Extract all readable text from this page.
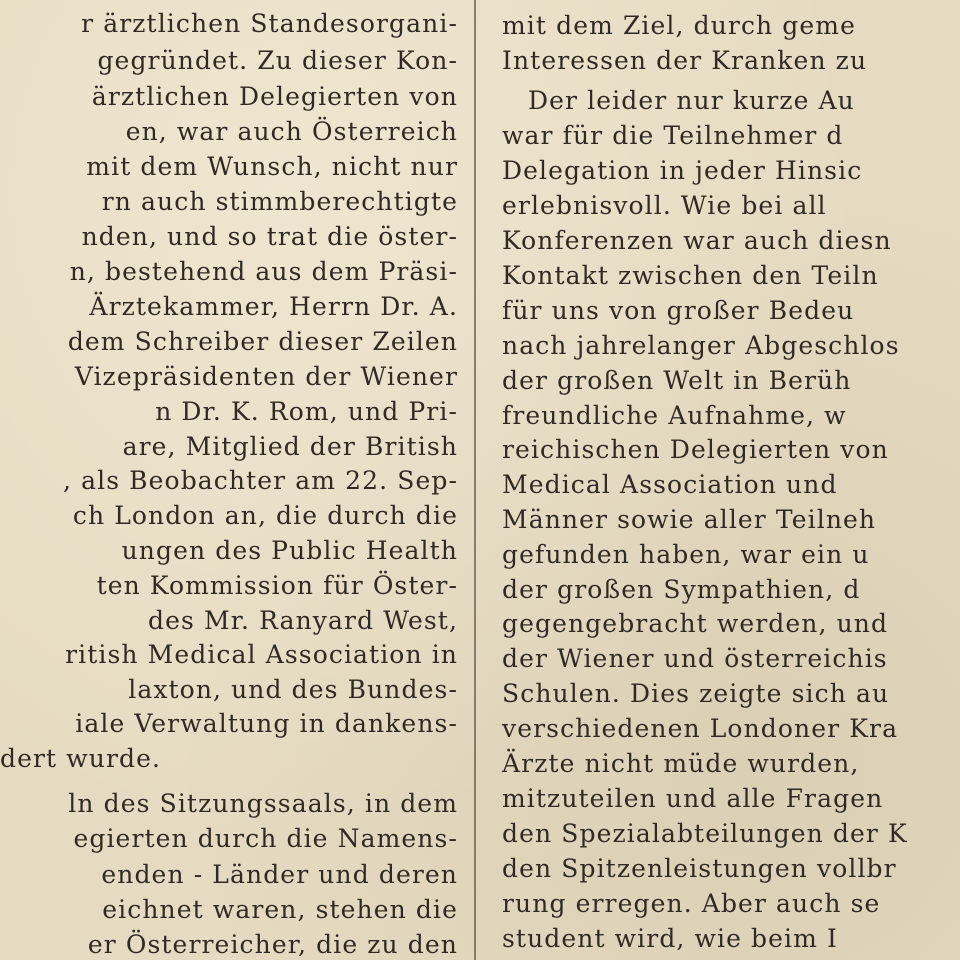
r ärztlichen Standesorgani-
gegründet. Zu dieser Kon-
ärztlichen Delegierten von
en, war auch Österreich
mit dem Wunsch, nicht nur
rn auch stimmberechtigte
nden, und so trat die öster-
n, bestehend aus dem Präsi-
Ärztekammer, Herrn Dr. A.
dem Schreiber dieser Zeilen
Vizepräsidenten der Wiener
n Dr. K. Rom, und Pri-
are, Mitglied der British
, als Beobachter am 22. Sep-
ch London an, die durch die
ungen des Public Health
ten Kommission für Öster-
des Mr. Ranyard West,
ritish Medical Association in
laxton, und des Bundes-
iale Verwaltung in dankens-
dert wurde.
ln des Sitzungssaals, in dem
egierten durch die Namens-
enden - Länder und deren
eichnet waren, stehen die
er Österreicher, die zu den
mit dem Ziel, durch geme
Interessen der Kranken zu
Der leider nur kurze Au
war für die Teilnehmer d
Delegation in jeder Hinsic
erlebnisvoll. Wie bei all
Konferenzen war auch diesn
Kontakt zwischen den Teiln
für uns von großer Bedeu
nach jahrelanger Abgeschlos
der großen Welt in Berüh
freundliche Aufnahme, w
reichischen Delegierten von
Medical Association und
Männer sowie aller Teilneh
gefunden haben, war ein u
der großen Sympathien, d
gegengebracht werden, und
der Wiener und österreichis
Schulen. Dies zeigte sich au
verschiedenen Londoner Kra
Ärzte nicht müde wurden,
mitzuteilen und alle Fragen
den Spezialabteilungen der K
den Spitzenleistungen vollbr
rung erregen. Aber auch se
student wird, wie beim I
